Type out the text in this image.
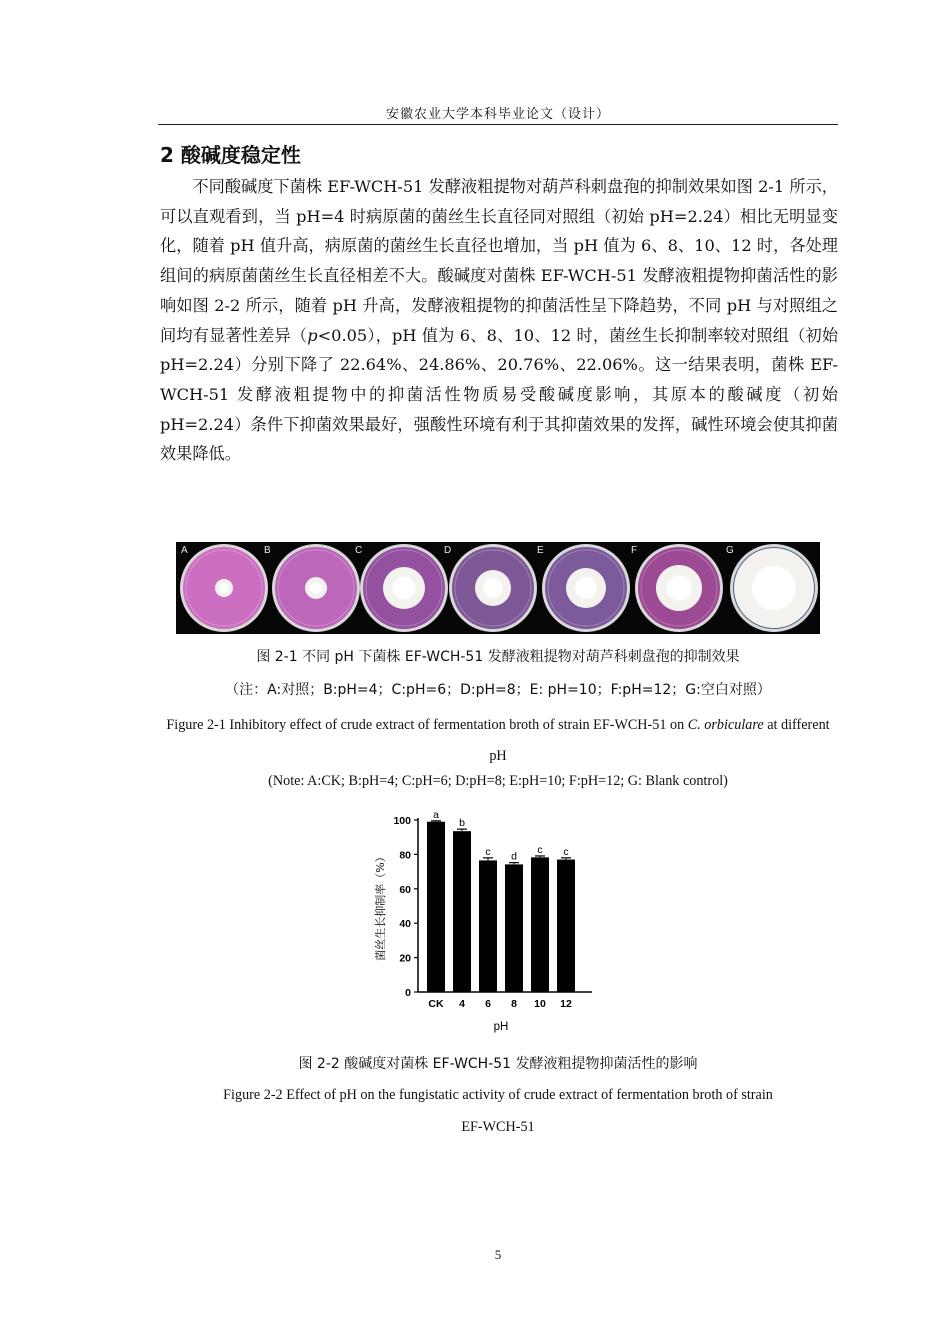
安徽农业大学本科毕业论文（设计）
2 酸碱度稳定性

不同酸碱度下菌株 EF-WCH-51 发酵液粗提物对葫芦科刺盘孢的抑制效果如图 2-1 所示，可以直观看到，当 pH=4 时病原菌的菌丝生长直径同对照组（初始 pH=2.24）相比无明显变化，随着 pH 值升高，病原菌的菌丝生长直径也增加，当 pH 值为 6、8、10、12 时，各处理组间的病原菌菌丝生长直径相差不大。酸碱度对菌株 EF-WCH-51 发酵液粗提物抑菌活性的影响如图 2-2 所示，随着 pH 升高，发酵液粗提物的抑菌活性呈下降趋势，不同 pH 与对照组之间均有显著性差异（p<0.05），pH 值为 6、8、10、12 时，菌丝生长抑制率较对照组（初始 pH=2.24）分别下降了 22.64%、24.86%、20.76%、22.06%。这一结果表明，菌株 EF-WCH-51 发酵液粗提物中的抑菌活性物质易受酸碱度影响，其原本的酸碱度（初始 pH=2.24）条件下抑菌效果最好，强酸性环境有利于其抑菌效果的发挥，碱性环境会使其抑菌效果降低。

A	B	C	D	E	F	G
图 2-1 不同 pH 下菌株 EF-WCH-51 发酵液粗提物对葫芦科刺盘孢的抑制效果
（注：A:对照；B:pH=4；C:pH=6；D:pH=8；E: pH=10；F:pH=12；G:空白对照）
Figure 2-1 Inhibitory effect of crude extract of fermentation broth of strain EF-WCH-51 on C. orbiculare at different pH
(Note: A:CK; B:pH=4; C:pH=6; D:pH=8; E:pH=10; F:pH=12; G: Blank control)
0
20
40
60
80
100
a
CK
b
4
c
6
d
8
c
10
c
12
pH
菌丝生长抑制率（%）
图 2-2 酸碱度对菌株 EF-WCH-51 发酵液粗提物抑菌活性的影响
Figure 2-2 Effect of pH on the fungistatic activity of crude extract of fermentation broth of strain
EF-WCH-51
5
